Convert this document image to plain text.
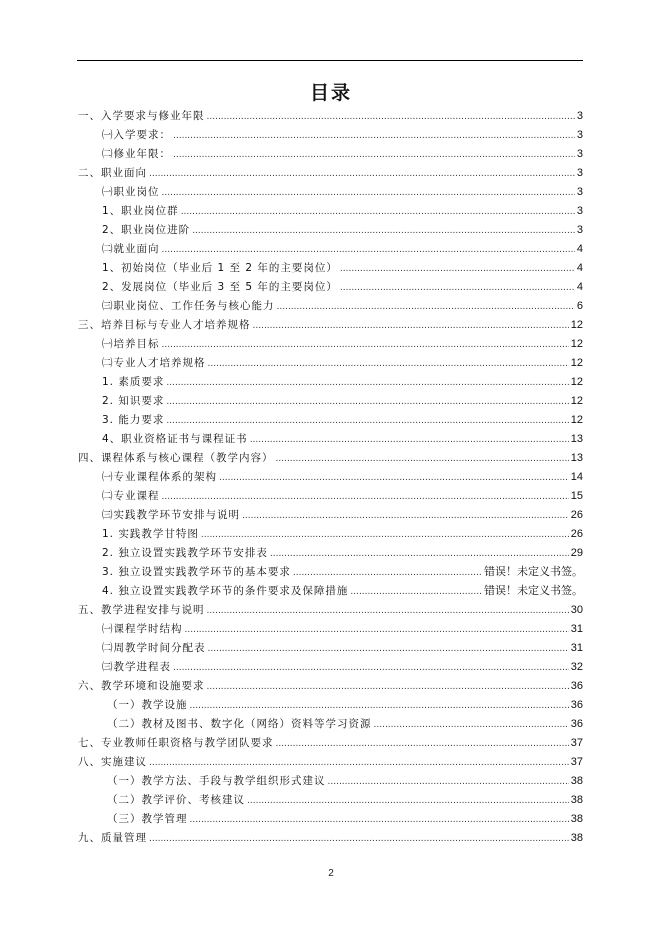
目录
一、入学要求与修业年限 .....	3
㈠入学要求： .....	3
㈡修业年限： .....	3
二、职业面向 .....	3
㈠职业岗位 .....	3
1、职业岗位群 .....	3
2、职业岗位进阶 .....	3
㈡就业面向 .....	4
1、初始岗位（毕业后 1 至 2 年的主要岗位） .....	4
2、发展岗位（毕业后 3 至 5 年的主要岗位） .....	4
㈢职业岗位、工作任务与核心能力 .....	6
三、培养目标与专业人才培养规格 .....	12
㈠培养目标 .....	12
㈡专业人才培养规格 .....	12
1. 素质要求 .....	12
2. 知识要求 .....	12
3. 能力要求 .....	12
4、职业资格证书与课程证书 .....	13
四、课程体系与核心课程（教学内容） .....	13
㈠专业课程体系的架构 .....	14
㈡专业课程 .....	15
㈢实践教学环节安排与说明 .....	26
1. 实践教学甘特图 .....	26
2. 独立设置实践教学环节安排表 .....	29
3. 独立设置实践教学环节的基本要求 .....	错误！未定义书签。
4. 独立设置实践教学环节的条件要求及保障措施 .....	错误！未定义书签。
五、教学进程安排与说明 .....	30
㈠课程学时结构 .....	31
㈡周教学时间分配表 .....	31
㈢教学进程表 .....	32
六、教学环境和设施要求 .....	36
（一）教学设施 .....	36
（二）教材及图书、数字化（网络）资料等学习资源 .....	36
七、专业教师任职资格与教学团队要求 .....	37
八、实施建议 .....	37
（一）教学方法、手段与教学组织形式建议 .....	38
（二）教学评价、考核建议 .....	38
（三）教学管理 .....	38
九、质量管理 .....	38
2
